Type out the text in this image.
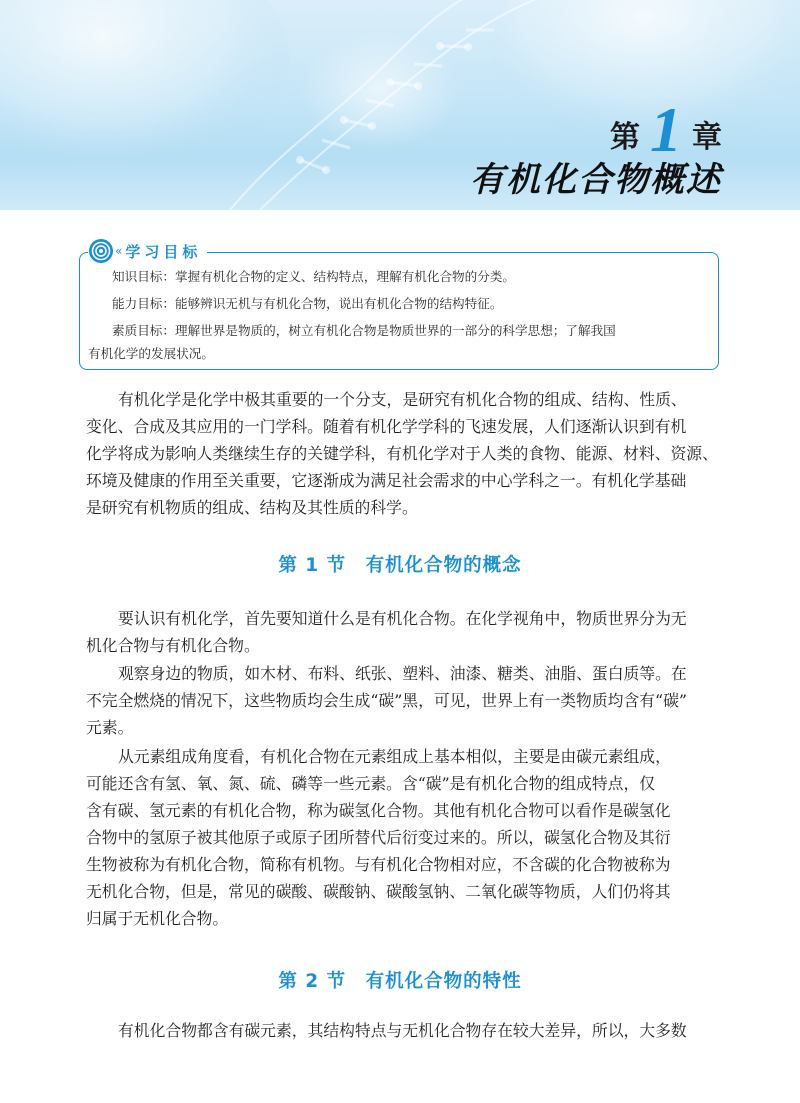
第 1 章
有机化合物概述
« 学习目标
知识目标：掌握有机化合物的定义、结构特点，理解有机化合物的分类。
能力目标：能够辨识无机与有机化合物，说出有机化合物的结构特征。
素质目标：理解世界是物质的，树立有机化合物是物质世界的一部分的科学思想；了解我国
有机化学的发展状况。
有机化学是化学中极其重要的一个分支，是研究有机化合物的组成、结构、性质、
变化、合成及其应用的一门学科。随着有机化学学科的飞速发展，人们逐渐认识到有机
化学将成为影响人类继续生存的关键学科，有机化学对于人类的食物、能源、材料、资源、
环境及健康的作用至关重要，它逐渐成为满足社会需求的中心学科之一。有机化学基础
是研究有机物质的组成、结构及其性质的科学。
第 1 节　有机化合物的概念
要认识有机化学，首先要知道什么是有机化合物。在化学视角中，物质世界分为无
机化合物与有机化合物。
观察身边的物质，如木材、布料、纸张、塑料、油漆、糖类、油脂、蛋白质等。在
不完全燃烧的情况下，这些物质均会生成“碳”黑，可见，世界上有一类物质均含有“碳”
元素。
从元素组成角度看，有机化合物在元素组成上基本相似，主要是由碳元素组成，
可能还含有氢、氧、氮、硫、磷等一些元素。含“碳”是有机化合物的组成特点，仅
含有碳、氢元素的有机化合物，称为碳氢化合物。其他有机化合物可以看作是碳氢化
合物中的氢原子被其他原子或原子团所替代后衍变过来的。所以，碳氢化合物及其衍
生物被称为有机化合物，简称有机物。与有机化合物相对应，不含碳的化合物被称为
无机化合物，但是，常见的碳酸、碳酸钠、碳酸氢钠、二氧化碳等物质，人们仍将其
归属于无机化合物。
第 2 节　有机化合物的特性
有机化合物都含有碳元素，其结构特点与无机化合物存在较大差异，所以，大多数
